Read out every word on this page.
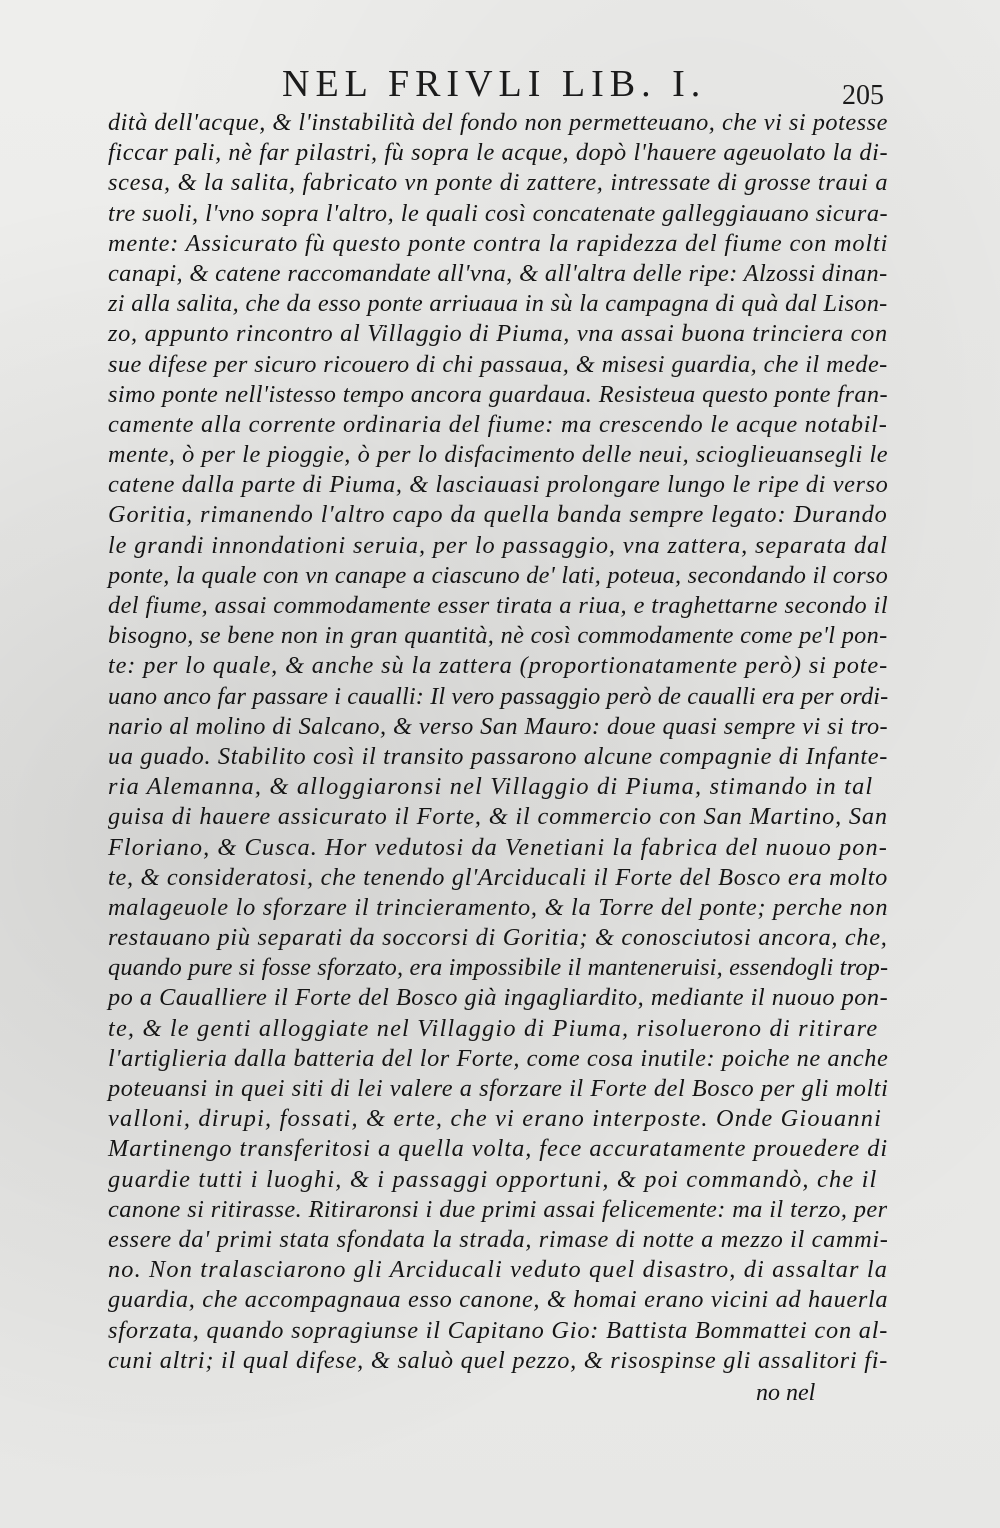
NEL FRIVLI LIB. I.	205
dità dell'acque, & l'instabilità del fondo non permetteuano, che vi si potesse
ficcar pali, nè far pilastri, fù sopra le acque, dopò l'hauere ageuolato la di-
scesa, & la salita, fabricato vn ponte di zattere, intressate di grosse traui a
tre suoli, l'vno sopra l'altro, le quali così concatenate galleggiauano sicura-
mente: Assicurato fù questo ponte contra la rapidezza del fiume con molti
canapi, & catene raccomandate all'vna, & all'altra delle ripe: Alzossi dinan-
zi alla salita, che da esso ponte arriuaua in sù la campagna di quà dal Lison-
zo, appunto rincontro al Villaggio di Piuma, vna assai buona trinciera con
sue difese per sicuro ricouero di chi passaua, & misesi guardia, che il mede-
simo ponte nell'istesso tempo ancora guardaua. Resisteua questo ponte fran-
camente alla corrente ordinaria del fiume: ma crescendo le acque notabil-
mente, ò per le pioggie, ò per lo disfacimento delle neui, scioglieuansegli le
catene dalla parte di Piuma, & lasciauasi prolongare lungo le ripe di verso
Goritia, rimanendo l'altro capo da quella banda sempre legato: Durando
le grandi innondationi seruia, per lo passaggio, vna zattera, separata dal
ponte, la quale con vn canape a ciascuno de' lati, poteua, secondando il corso
del fiume, assai commodamente esser tirata a riua, e traghettarne secondo il
bisogno, se bene non in gran quantità, nè così commodamente come pe'l pon-
te: per lo quale, & anche sù la zattera (proportionatamente però) si pote-
uano anco far passare i caualli: Il vero passaggio però de caualli era per ordi-
nario al molino di Salcano, & verso San Mauro: doue quasi sempre vi si tro-
ua guado. Stabilito così il transito passarono alcune compagnie di Infante-
ria Alemanna, & alloggiaronsi nel Villaggio di Piuma, stimando in tal
guisa di hauere assicurato il Forte, & il commercio con San Martino, San
Floriano, & Cusca. Hor vedutosi da Venetiani la fabrica del nuouo pon-
te, & consideratosi, che tenendo gl'Arciducali il Forte del Bosco era molto
malageuole lo sforzare il trincieramento, & la Torre del ponte; perche non
restauano più separati da soccorsi di Goritia; & conosciutosi ancora, che,
quando pure si fosse sforzato, era impossibile il manteneruisi, essendogli trop-
po a Caualliere il Forte del Bosco già ingagliardito, mediante il nuouo pon-
te, & le genti alloggiate nel Villaggio di Piuma, risoluerono di ritirare
l'artiglieria dalla batteria del lor Forte, come cosa inutile: poiche ne anche
poteuansi in quei siti di lei valere a sforzare il Forte del Bosco per gli molti
valloni, dirupi, fossati, & erte, che vi erano interposte. Onde Giouanni
Martinengo transferitosi a quella volta, fece accuratamente prouedere di
guardie tutti i luoghi, & i passaggi opportuni, & poi commandò, che il
canone si ritirasse. Ritiraronsi i due primi assai felicemente: ma il terzo, per
essere da' primi stata sfondata la strada, rimase di notte a mezzo il cammi-
no. Non tralasciarono gli Arciducali veduto quel disastro, di assaltar la
guardia, che accompagnaua esso canone, & homai erano vicini ad hauerla
sforzata, quando sopragiunse il Capitano Gio: Battista Bommattei con al-
cuni altri; il qual difese, & saluò quel pezzo, & risospinse gli assalitori fi-
no nel
